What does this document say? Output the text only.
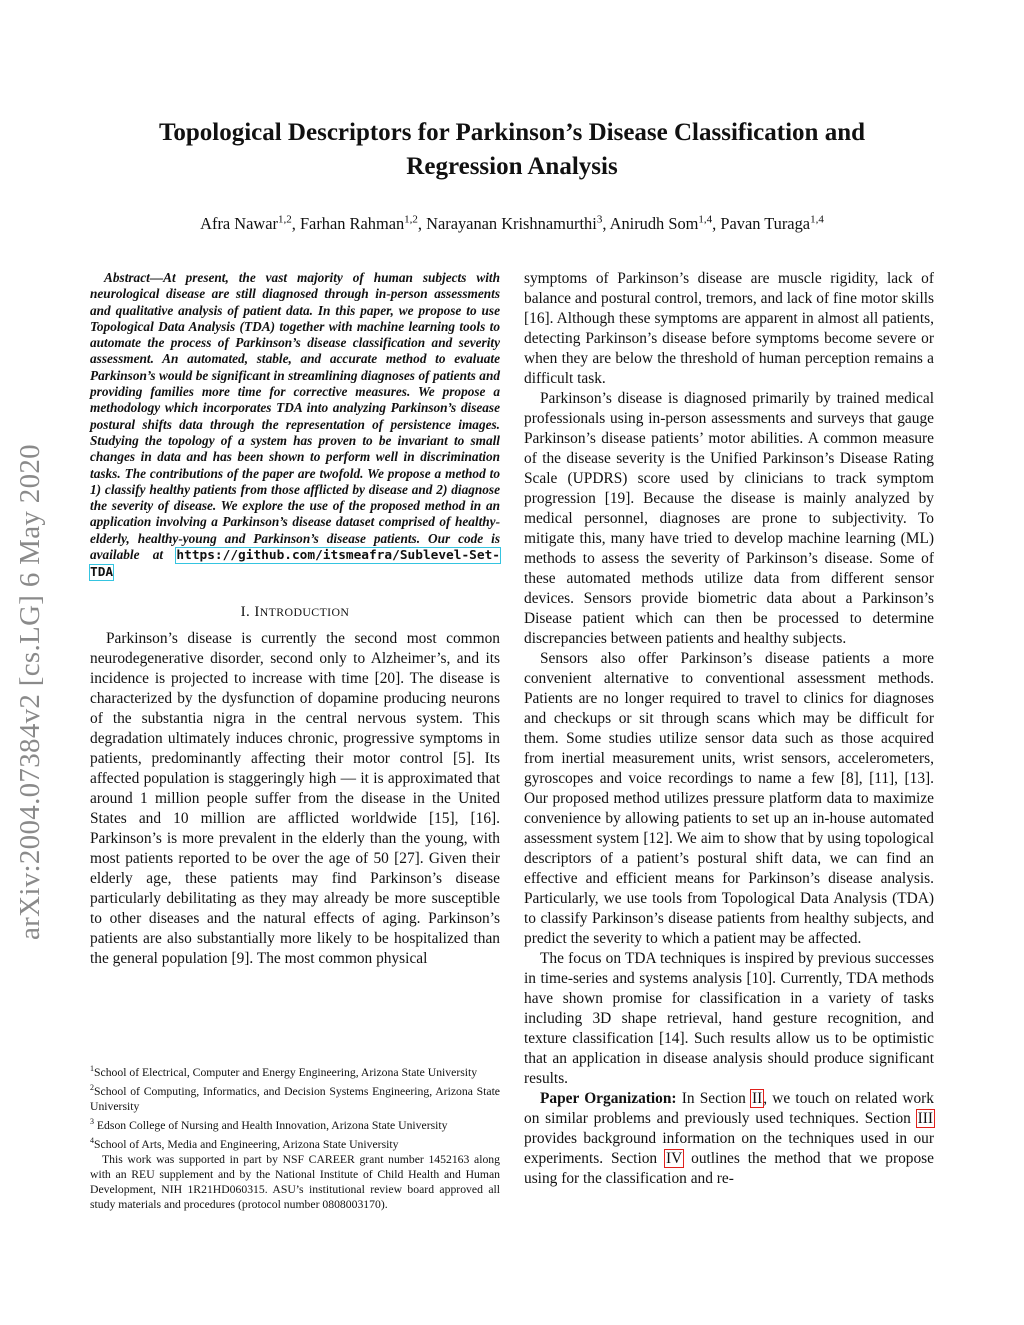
Topological Descriptors for Parkinson’s Disease Classification and
Regression Analysis
Afra Nawar$^{1,2}$, Farhan Rahman$^{1,2}$, Narayanan Krishnamurthi$^3$, Anirudh Som$^{1,4}$, Pavan Turaga$^{1,4}$
arXiv:2004.07384v2 [cs.LG] 6 May 2020

Abstract—At present, the vast majority of human subjects with neurological disease are still diagnosed through in-person assessments and qualitative analysis of patient data. In this paper, we propose to use Topological Data Analysis (TDA) together with machine learning tools to automate the process of Parkinson’s disease classification and severity assessment. An automated, stable, and accurate method to evaluate Parkinson’s would be significant in streamlining diagnoses of patients and providing families more time for corrective measures. We propose a methodology which incorporates TDA into analyzing Parkinson’s disease postural shifts data through the representation of persistence images. Studying the topology of a system has proven to be invariant to small changes in data and has been shown to perform well in discrimination tasks. The contributions of the paper are twofold. We propose a method to 1) classify healthy patients from those afflicted by disease and 2) diagnose the severity of disease. We explore the use of the proposed method in an application involving a Parkinson’s disease dataset comprised of healthy-elderly, healthy-young and Parkinson’s disease patients. Our code is available at https://github.com/itsmeafra/Sublevel-Set-TDA

I. INTRODUCTION

Parkinson’s disease is currently the second most common neurodegenerative disorder, second only to Alzheimer’s, and its incidence is projected to increase with time [20]. The disease is characterized by the dysfunction of dopamine producing neurons of the substantia nigra in the central nervous system. This degradation ultimately induces chronic, progressive symptoms in patients, predominantly affecting their motor control [5]. Its affected population is staggeringly high — it is approximated that around 1 million people suffer from the disease in the United States and 10 million are afflicted worldwide [15], [16]. Parkinson’s is more prevalent in the elderly than the young, with most patients reported to be over the age of 50 [27]. Given their elderly age, these patients may find Parkinson’s disease particularly debilitating as they may already be more susceptible to other diseases and the natural effects of aging. Parkinson’s patients are also substantially more likely to be hospitalized than the general population [9]. The most common physical

$^1$School of Electrical, Computer and Energy Engineering, Arizona State University

$^2$School of Computing, Informatics, and Decision Systems Engineering, Arizona State University

$^3$ Edson College of Nursing and Health Innovation, Arizona State University

$^4$School of Arts, Media and Engineering, Arizona State University

This work was supported in part by NSF CAREER grant number 1452163 along with an REU supplement and by the National Institute of Child Health and Human Development, NIH 1R21HD060315. ASU’s institutional review board approved all study materials and procedures (protocol number 0808003170).

symptoms of Parkinson’s disease are muscle rigidity, lack of balance and postural control, tremors, and lack of fine motor skills [16]. Although these symptoms are apparent in almost all patients, detecting Parkinson’s disease before symptoms become severe or when they are below the threshold of human perception remains a difficult task.

Parkinson’s disease is diagnosed primarily by trained medical professionals using in-person assessments and surveys that gauge Parkinson’s disease patients’ motor abilities. A common measure of the disease severity is the Unified Parkinson’s Disease Rating Scale (UPDRS) score used by clinicians to track symptom progression [19]. Because the disease is mainly analyzed by medical personnel, diagnoses are prone to subjectivity. To mitigate this, many have tried to develop machine learning (ML) methods to assess the severity of Parkinson’s disease. Some of these automated methods utilize data from different sensor devices. Sensors provide biometric data about a Parkinson’s Disease patient which can then be processed to determine discrepancies between patients and healthy subjects.

Sensors also offer Parkinson’s disease patients a more convenient alternative to conventional assessment methods. Patients are no longer required to travel to clinics for diagnoses and checkups or sit through scans which may be difficult for them. Some studies utilize sensor data such as those acquired from inertial measurement units, wrist sensors, accelerometers, gyroscopes and voice recordings to name a few [8], [11], [13]. Our proposed method utilizes pressure platform data to maximize convenience by allowing patients to set up an in-house automated assessment system [12]. We aim to show that by using topological descriptors of a patient’s postural shift data, we can find an effective and efficient means for Parkinson’s disease analysis. Particularly, we use tools from Topological Data Analysis (TDA) to classify Parkinson’s disease patients from healthy subjects, and predict the severity to which a patient may be affected.

The focus on TDA techniques is inspired by previous successes in time-series and systems analysis [10]. Currently, TDA methods have shown promise for classification in a variety of tasks including 3D shape retrieval, hand gesture recognition, and texture classification [14]. Such results allow us to be optimistic that an application in disease analysis should produce significant results.

Paper Organization: In Section II, we touch on related work on similar problems and previously used techniques. Section III provides background information on the techniques used in our experiments. Section IV outlines the method that we propose using for the classification and re-
